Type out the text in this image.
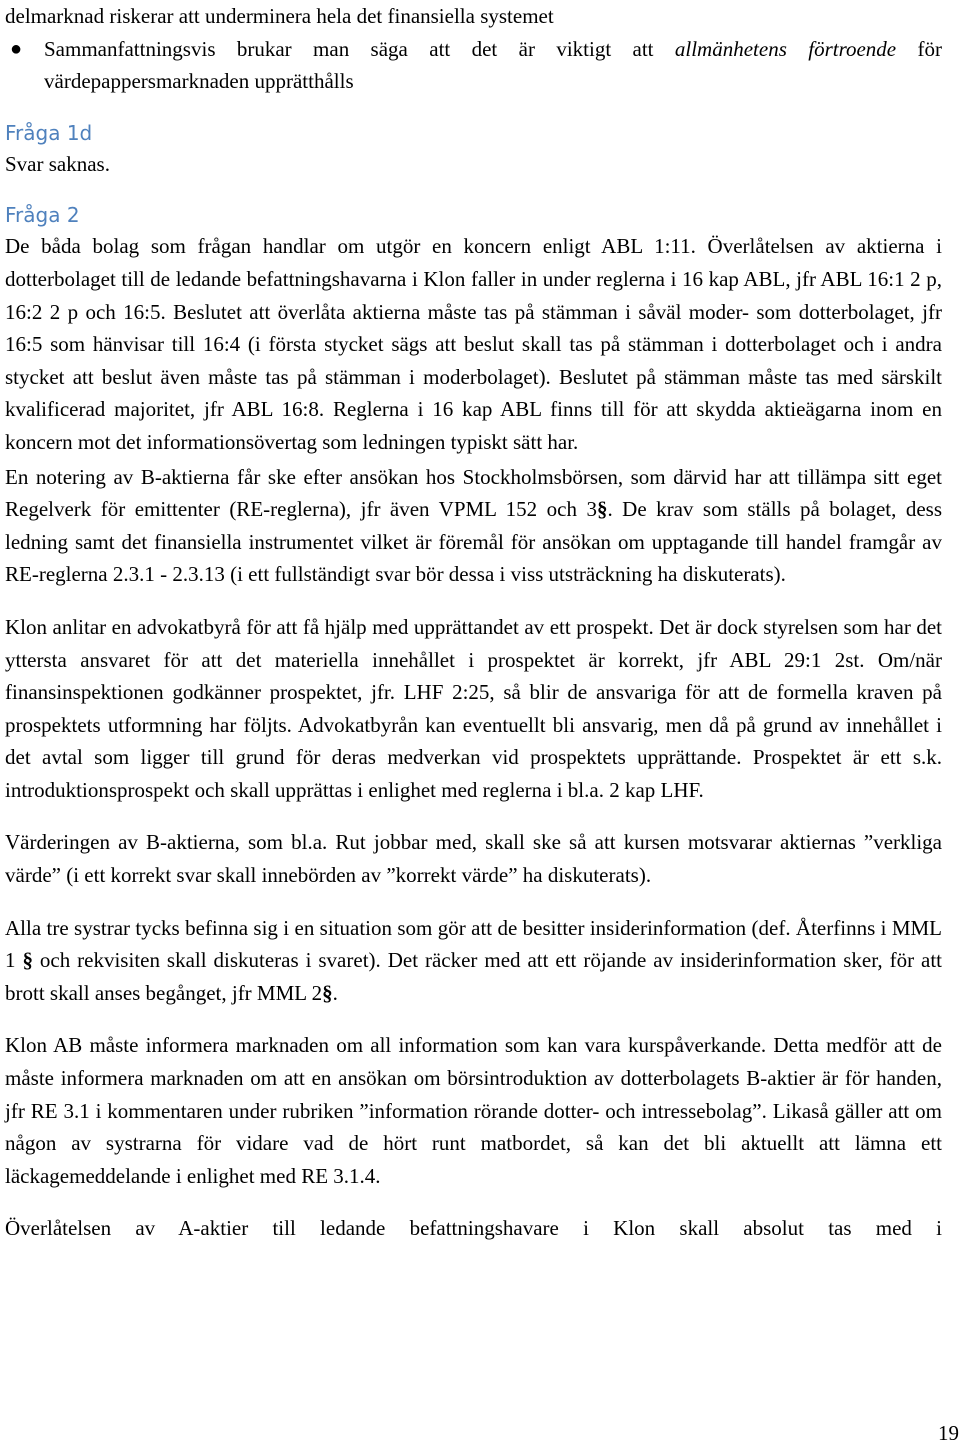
delmarknad riskerar att underminera hela det finansiella systemet

● Sammanfattningsvis brukar man säga att det är viktigt att allmänhetens förtroende för värdepappersmarknaden upprätthålls

Fråga 1d

Svar saknas.

Fråga 2

De båda bolag som frågan handlar om utgör en koncern enligt ABL 1:11. Överlåtelsen av aktierna i dotterbolaget till de ledande befattningshavarna i Klon faller in under reglerna i 16 kap ABL, jfr ABL 16:1 2 p, 16:2 2 p och 16:5. Beslutet att överlåta aktierna måste tas på stämman i såväl moder- som dotterbolaget, jfr 16:5 som hänvisar till 16:4 (i första stycket sägs att beslut skall tas på stämman i dotterbolaget och i andra stycket att beslut även måste tas på stämman i moderbolaget). Beslutet på stämman måste tas med särskilt kvalificerad majoritet, jfr ABL 16:8. Reglerna i 16 kap ABL finns till för att skydda aktieägarna inom en koncern mot det informationsövertag som ledningen typiskt sätt har.

En notering av B-aktierna får ske efter ansökan hos Stockholmsbörsen, som därvid har att tillämpa sitt eget Regelverk för emittenter (RE-reglerna), jfr även VPML 152 och 3§. De krav som ställs på bolaget, dess ledning samt det finansiella instrumentet vilket är föremål för ansökan om upptagande till handel framgår av RE-reglerna 2.3.1 - 2.3.13 (i ett fullständigt svar bör dessa i viss utsträckning ha diskuterats).

Klon anlitar en advokatbyrå för att få hjälp med upprättandet av ett prospekt. Det är dock styrelsen som har det yttersta ansvaret för att det materiella innehållet i prospektet är korrekt, jfr ABL 29:1 2st. Om/när finansinspektionen godkänner prospektet, jfr. LHF 2:25, så blir de ansvariga för att de formella kraven på prospektets utformning har följts. Advokatbyrån kan eventuellt bli ansvarig, men då på grund av innehållet i det avtal som ligger till grund för deras medverkan vid prospektets upprättande. Prospektet är ett s.k. introduktionsprospekt och skall upprättas i enlighet med reglerna i bl.a. 2 kap LHF.

Värderingen av B-aktierna, som bl.a. Rut jobbar med, skall ske så att kursen motsvarar aktiernas ”verkliga värde” (i ett korrekt svar skall innebörden av ”korrekt värde” ha diskuterats).

Alla tre systrar tycks befinna sig i en situation som gör att de besitter insiderinformation (def. Återfinns i MML 1 § och rekvisiten skall diskuteras i svaret). Det räcker med att ett röjande av insiderinformation sker, för att brott skall anses begånget, jfr MML 2§.

Klon AB måste informera marknaden om all information som kan vara kurspåverkande. Detta medför att de måste informera marknaden om att en ansökan om börsintroduktion av dotterbolagets B-aktier är för handen, jfr RE 3.1 i kommentaren under rubriken ”information rörande dotter- och intressebolag”. Likaså gäller att om någon av systrarna för vidare vad de hört runt matbordet, så kan det bli aktuellt att lämna ett läckagemeddelande i enlighet med RE 3.1.4.

Överlåtelsen av A-aktier till ledande befattningshavare i Klon skall absolut tas med i

19
